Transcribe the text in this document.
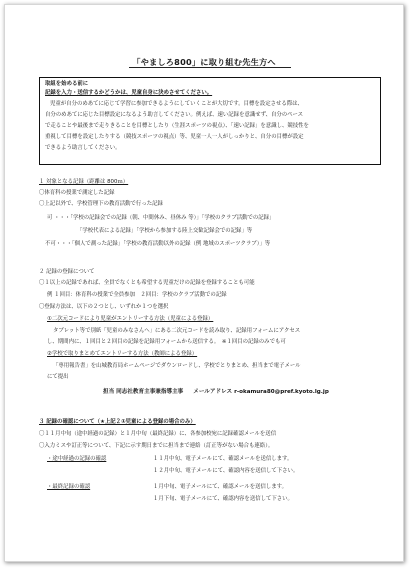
「やましろ800」に取り組む先生方へ
取組を始める前に
記録を入力・送信するかどうかは、児童自身に決めさせてください。
児童が自分のめあてに応じて学習に参加できるようにしていくことが大切です。目標を設定させる際は、
自分のめあてに応じた目標設定になるよう助言してください。例えば、速い記録を意識せず、自分のペース
で走ることや最後まで走りきることを目標としたり（生涯スポーツの視点）、「速い記録」を意識し、競技性を
重視して目標を設定したりする（競技スポーツの視点）等、児童一人一人がしっかりと、自分の目標が設定
できるよう助言してください。
１ 対象となる記録（距離は 800ｍ）
〇体育科の授業で測定した記録
〇上記以外で、学校管理下の教育活動で行った記録
可 ・・・「学校の記録会での記録（朝、中間休み、昼休み 等）」「学校のクラブ活動での記録」
「学校代表による記録」「学校から参加する陸上交歓記録会での記録」等
不可・・・「個人で測った記録」「学校の教育活動以外の記録（例 地域のスポーツクラブ）」等
２ 記録の登録について
〇１以上の記録であれば、全員でなくとも希望する児童だけの記録を登録することも可能
例 １回目：体育科の授業で全員参加　２回目：学校のクラブ活動での記録
〇登録方法は、以下の２つとし、いずれか１つを選択
①二次元コードにより児童がエントリーする方法（児童による登録）
タブレット等で別紙「児童のみなさんへ」にある二次元コードを読み取り、記録用フォームにアクセス
し、期間内に、１回目と２回目の記録を記録用フォームから送信する。　※１回目の記録のみでも可
②学校で取りまとめてエントリーする方法（教師による登録）
「専用報告書」を山城教育局ホームページでダウンロードし、学校でとりまとめ、担当まで電子メール
にて提出
担当 同志社教育主事兼指導主事 メールアドレス r-okamura80@pref.kyoto.lg.jp
３ 記録の確認について（★上記２①児童による登録の場合のみ）
〇１１月中旬（途中経過の記録）と１月中旬（最終記録）に、各参加校宛に記録確認メールを送信
〇入力ミスや訂正等について、下記に示す期日までに担当まで連絡（訂正等がない場合も連絡）。
・途中経過の記録の確認	１１月中旬、電子メールにて、確認メールを送信します。
１２月中旬、電子メールにて、確認内容を送信して下さい。
・最終記録の確認	１月中旬、電子メールにて、確認メールを送信します。
１月下旬、電子メールにて、確認内容を送信して下さい。
